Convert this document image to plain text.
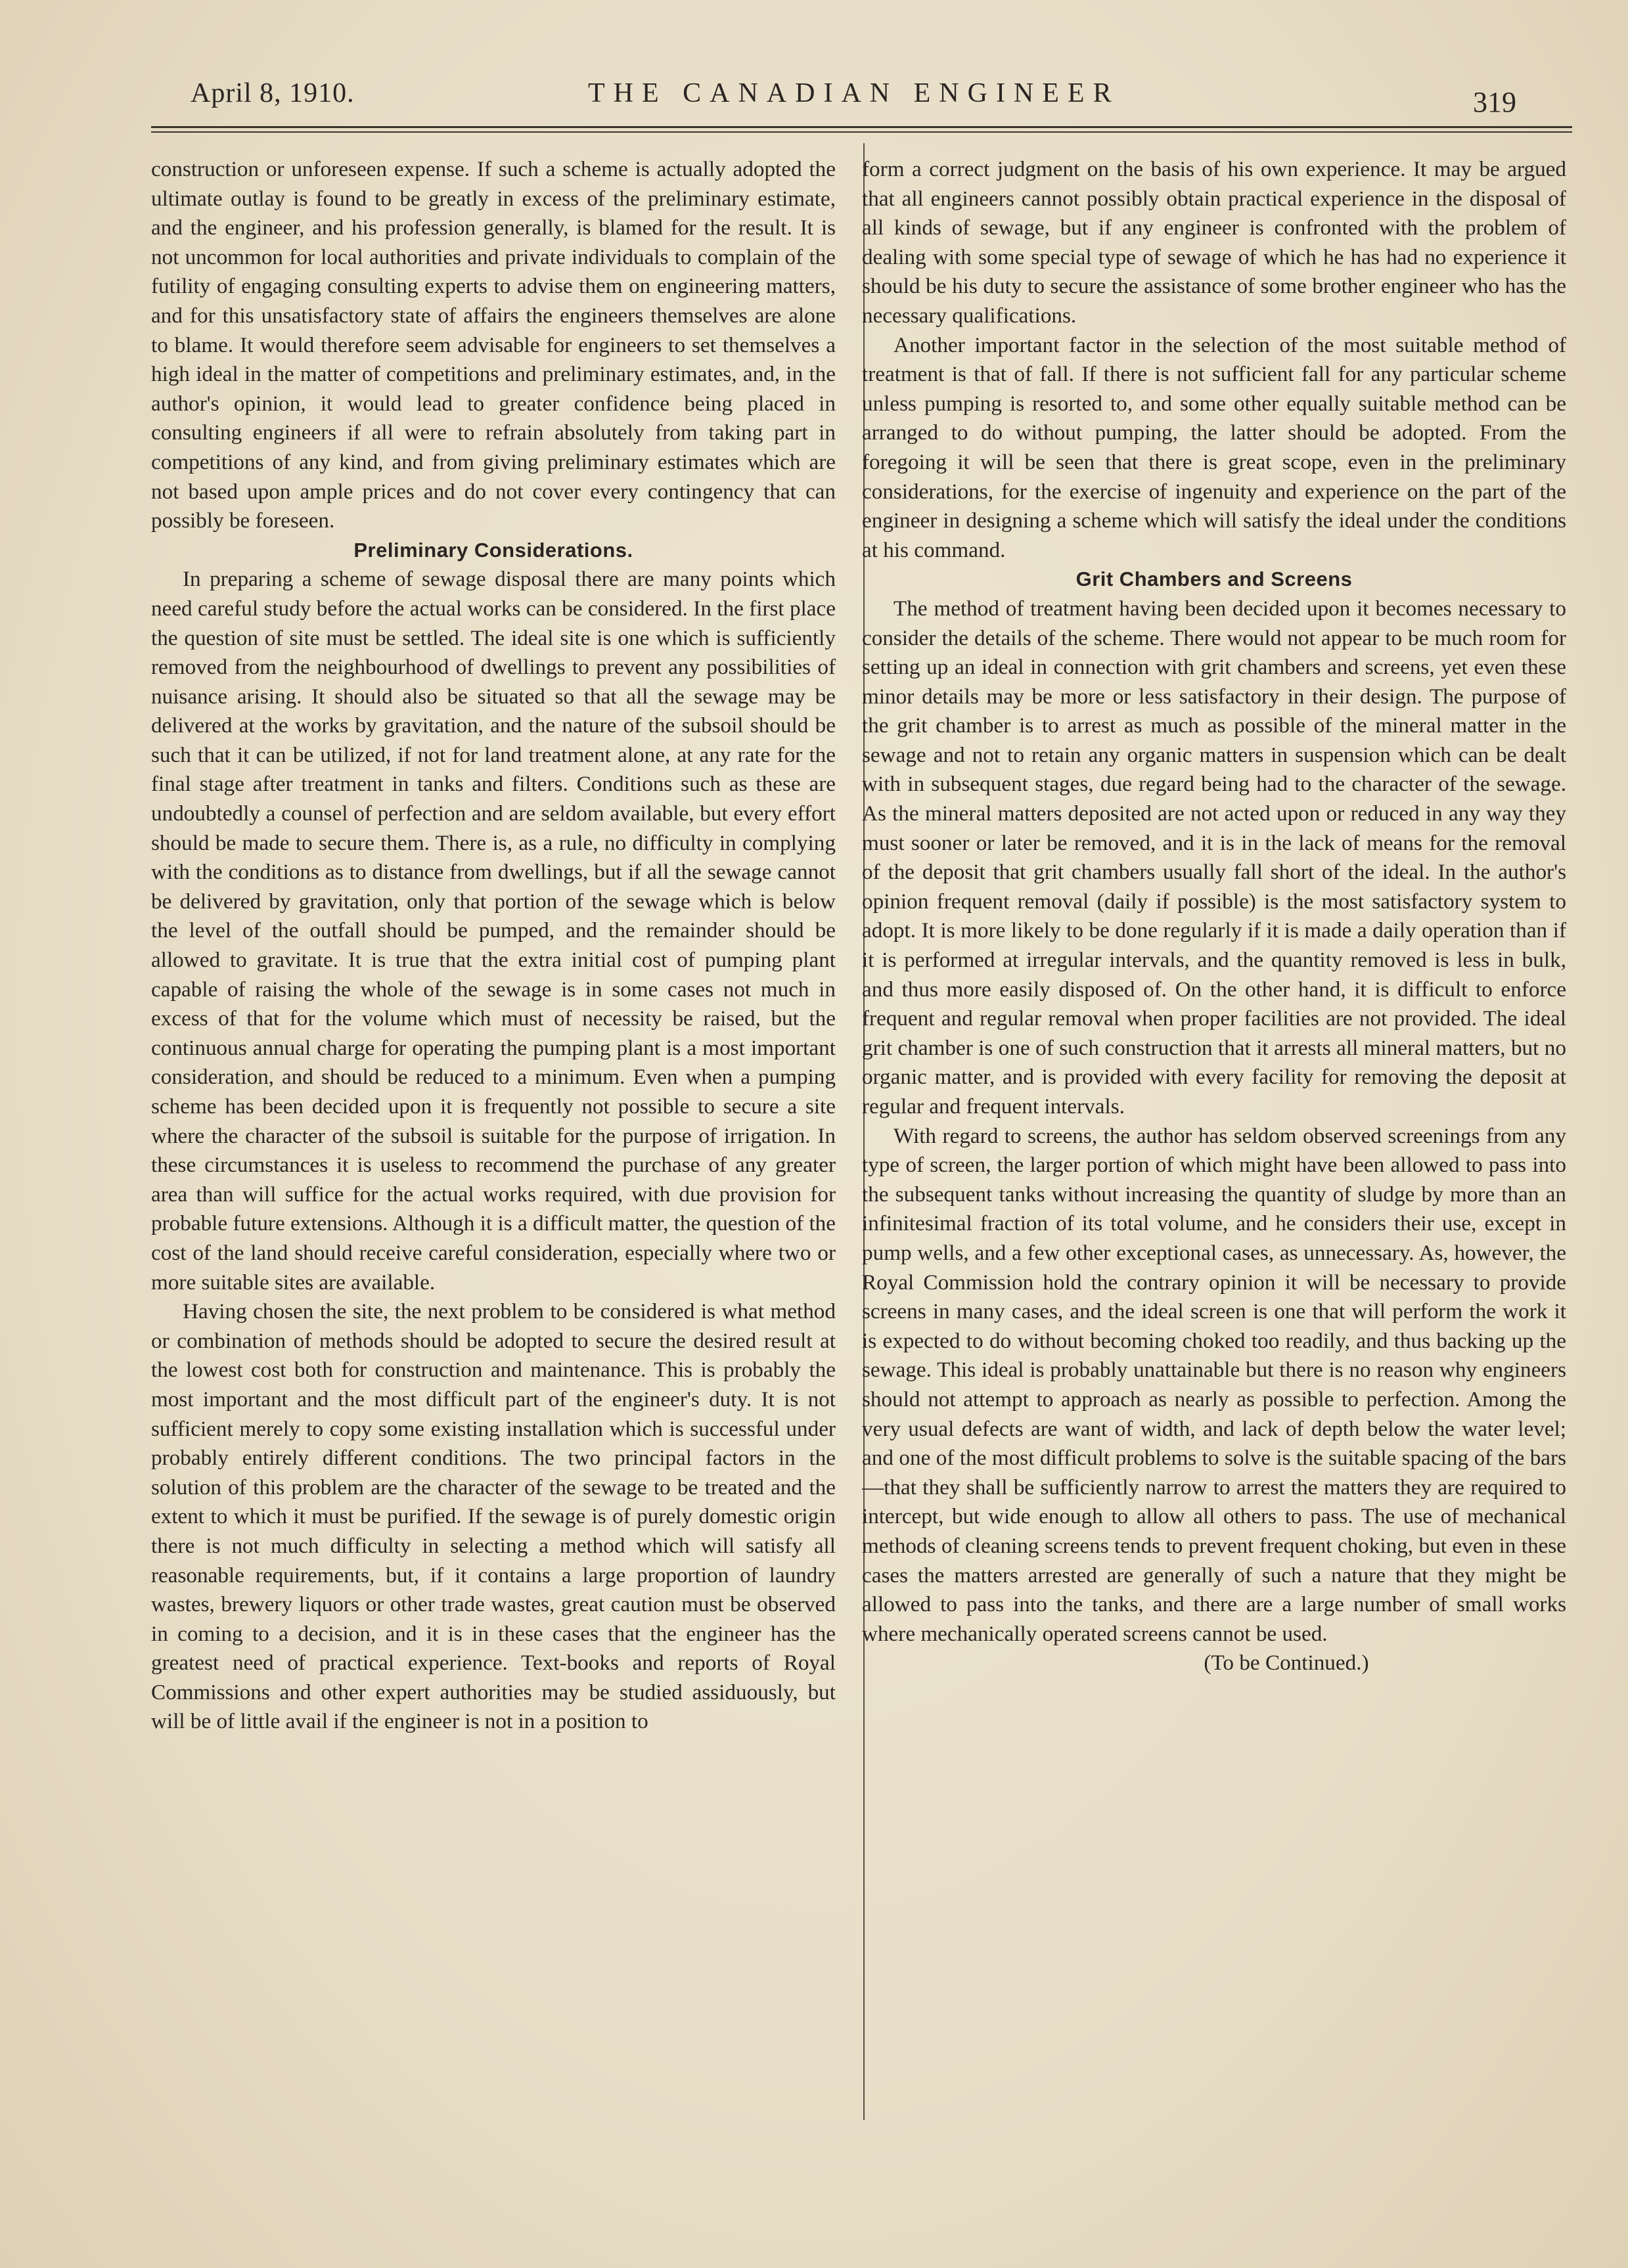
April 8, 1910.	THE CANADIAN ENGINEER	319

construction or unforeseen expense. If such a scheme is actually adopted the ultimate outlay is found to be greatly in excess of the preliminary estimate, and the engineer, and his profession generally, is blamed for the result. It is not uncommon for local authorities and private individuals to complain of the futility of engaging consulting experts to advise them on engineering matters, and for this unsatisfactory state of affairs the engineers themselves are alone to blame. It would therefore seem advisable for engineers to set themselves a high ideal in the matter of competitions and preliminary estimates, and, in the author's opinion, it would lead to greater confidence being placed in consulting engineers if all were to refrain absolutely from taking part in competitions of any kind, and from giving preliminary estimates which are not based upon ample prices and do not cover every contingency that can possibly be foreseen.

Preliminary Considerations.

In preparing a scheme of sewage disposal there are many points which need careful study before the actual works can be considered. In the first place the question of site must be settled. The ideal site is one which is sufficiently removed from the neighbourhood of dwellings to prevent any possibilities of nuisance arising. It should also be situated so that all the sewage may be delivered at the works by gravitation, and the nature of the subsoil should be such that it can be utilized, if not for land treatment alone, at any rate for the final stage after treatment in tanks and filters. Conditions such as these are undoubtedly a counsel of perfection and are seldom available, but every effort should be made to secure them. There is, as a rule, no difficulty in complying with the conditions as to distance from dwellings, but if all the sewage cannot be delivered by gravitation, only that portion of the sewage which is below the level of the outfall should be pumped, and the remainder should be allowed to gravitate. It is true that the extra initial cost of pumping plant capable of raising the whole of the sewage is in some cases not much in excess of that for the volume which must of necessity be raised, but the continuous annual charge for operating the pumping plant is a most important consideration, and should be reduced to a minimum. Even when a pumping scheme has been decided upon it is frequently not possible to secure a site where the character of the subsoil is suitable for the purpose of irrigation. In these circumstances it is useless to recommend the purchase of any greater area than will suffice for the actual works required, with due provision for probable future extensions. Although it is a difficult matter, the question of the cost of the land should receive careful consideration, especially where two or more suitable sites are available.

Having chosen the site, the next problem to be considered is what method or combination of methods should be adopted to secure the desired result at the lowest cost both for construction and maintenance. This is probably the most important and the most difficult part of the engineer's duty. It is not sufficient merely to copy some existing installation which is successful under probably entirely different conditions. The two principal factors in the solution of this problem are the character of the sewage to be treated and the extent to which it must be purified. If the sewage is of purely domestic origin there is not much difficulty in selecting a method which will satisfy all reasonable requirements, but, if it contains a large proportion of laundry wastes, brewery liquors or other trade wastes, great caution must be observed in coming to a decision, and it is in these cases that the engineer has the greatest need of practical experience. Text-books and reports of Royal Commissions and other expert authorities may be studied assiduously, but will be of little avail if the engineer is not in a position to

form a correct judgment on the basis of his own experience. It may be argued that all engineers cannot possibly obtain practical experience in the disposal of all kinds of sewage, but if any engineer is confronted with the problem of dealing with some special type of sewage of which he has had no experience it should be his duty to secure the assistance of some brother engineer who has the necessary qualifications.

Another important factor in the selection of the most suitable method of treatment is that of fall. If there is not sufficient fall for any particular scheme unless pumping is resorted to, and some other equally suitable method can be arranged to do without pumping, the latter should be adopted. From the foregoing it will be seen that there is great scope, even in the preliminary considerations, for the exercise of ingenuity and experience on the part of the engineer in designing a scheme which will satisfy the ideal under the conditions at his command.

Grit Chambers and Screens

The method of treatment having been decided upon it becomes necessary to consider the details of the scheme. There would not appear to be much room for setting up an ideal in connection with grit chambers and screens, yet even these minor details may be more or less satisfactory in their design. The purpose of the grit chamber is to arrest as much as possible of the mineral matter in the sewage and not to retain any organic matters in suspension which can be dealt with in subsequent stages, due regard being had to the character of the sewage. As the mineral matters deposited are not acted upon or reduced in any way they must sooner or later be removed, and it is in the lack of means for the removal of the deposit that grit chambers usually fall short of the ideal. In the author's opinion frequent removal (daily if possible) is the most satisfactory system to adopt. It is more likely to be done regularly if it is made a daily operation than if it is performed at irregular intervals, and the quantity removed is less in bulk, and thus more easily disposed of. On the other hand, it is difficult to enforce frequent and regular removal when proper facilities are not provided. The ideal grit chamber is one of such construction that it arrests all mineral matters, but no organic matter, and is provided with every facility for removing the deposit at regular and frequent intervals.

With regard to screens, the author has seldom observed screenings from any type of screen, the larger portion of which might have been allowed to pass into the subsequent tanks without increasing the quantity of sludge by more than an infinitesimal fraction of its total volume, and he considers their use, except in pump wells, and a few other exceptional cases, as unnecessary. As, however, the Royal Commission hold the contrary opinion it will be necessary to provide screens in many cases, and the ideal screen is one that will perform the work it is expected to do without becoming choked too readily, and thus backing up the sewage. This ideal is probably unattainable but there is no reason why engineers should not attempt to approach as nearly as possible to perfection. Among the very usual defects are want of width, and lack of depth below the water level; and one of the most difficult problems to solve is the suitable spacing of the bars—that they shall be sufficiently narrow to arrest the matters they are required to intercept, but wide enough to allow all others to pass. The use of mechanical methods of cleaning screens tends to prevent frequent choking, but even in these cases the matters arrested are generally of such a nature that they might be allowed to pass into the tanks, and there are a large number of small works where mechanically operated screens cannot be used.

(To be Continued.)
